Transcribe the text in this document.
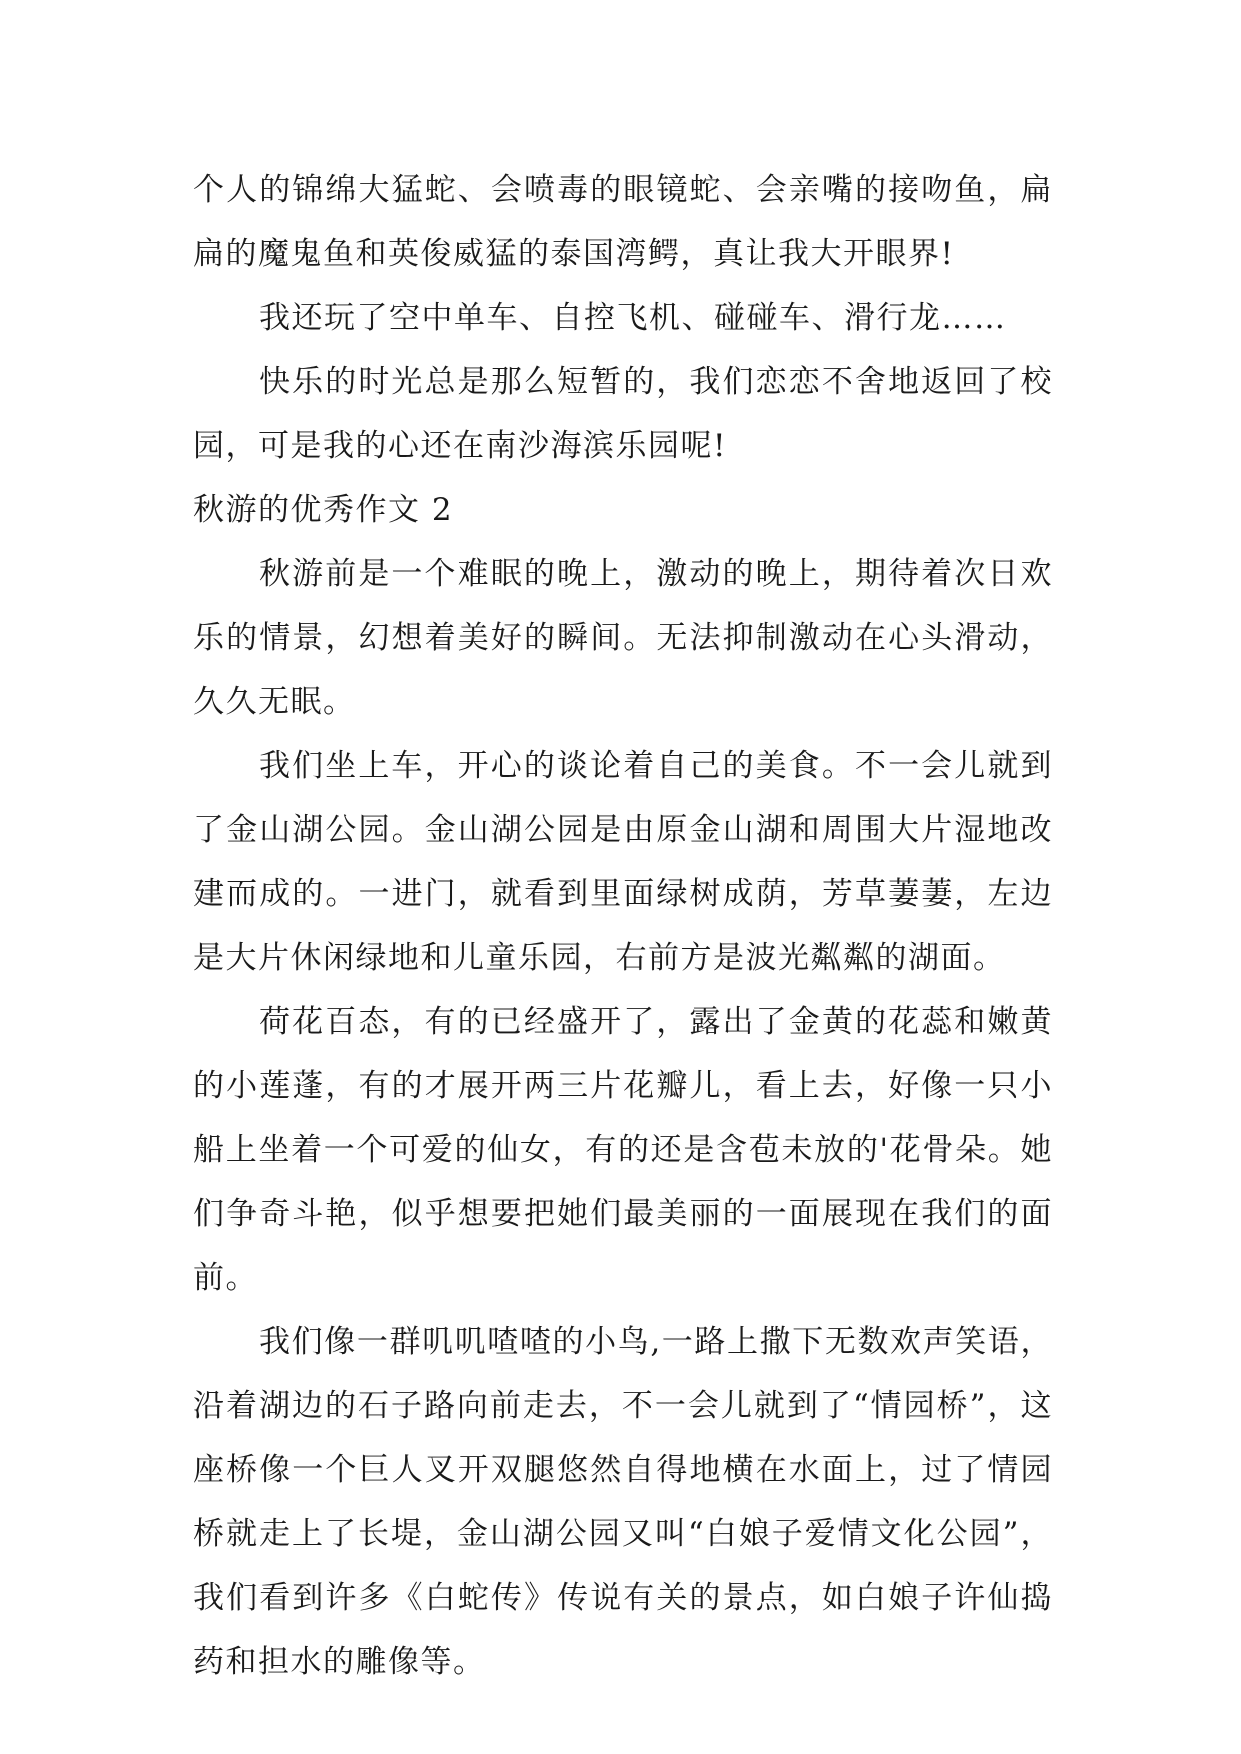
个人的锦绵大猛蛇、会喷毒的眼镜蛇、会亲嘴的接吻鱼，扁扁的魔鬼鱼和英俊威猛的泰国湾鳄，真让我大开眼界!

我还玩了空中单车、自控飞机、碰碰车、滑行龙……

快乐的时光总是那么短暂的，我们恋恋不舍地返回了校园，可是我的心还在南沙海滨乐园呢!

秋游的优秀作文 2

秋游前是一个难眠的晚上，激动的晚上，期待着次日欢乐的情景，幻想着美好的瞬间。无法抑制激动在心头滑动，久久无眠。

我们坐上车，开心的谈论着自己的美食。不一会儿就到了金山湖公园。金山湖公园是由原金山湖和周围大片湿地改建而成的。一进门，就看到里面绿树成荫，芳草萋萋，左边是大片休闲绿地和儿童乐园，右前方是波光粼粼的湖面。

荷花百态，有的已经盛开了，露出了金黄的花蕊和嫩黄的小莲蓬，有的才展开两三片花瓣儿，看上去，好像一只小船上坐着一个可爱的仙女，有的还是含苞未放的'花骨朵。她们争奇斗艳，似乎想要把她们最美丽的一面展现在我们的面前。

我们像一群叽叽喳喳的小鸟,一路上撒下无数欢声笑语，沿着湖边的石子路向前走去，不一会儿就到了“情园桥”，这座桥像一个巨人叉开双腿悠然自得地横在水面上，过了情园桥就走上了长堤，金山湖公园又叫“白娘子爱情文化公园”，我们看到许多《白蛇传》传说有关的景点，如白娘子许仙捣药和担水的雕像等。
